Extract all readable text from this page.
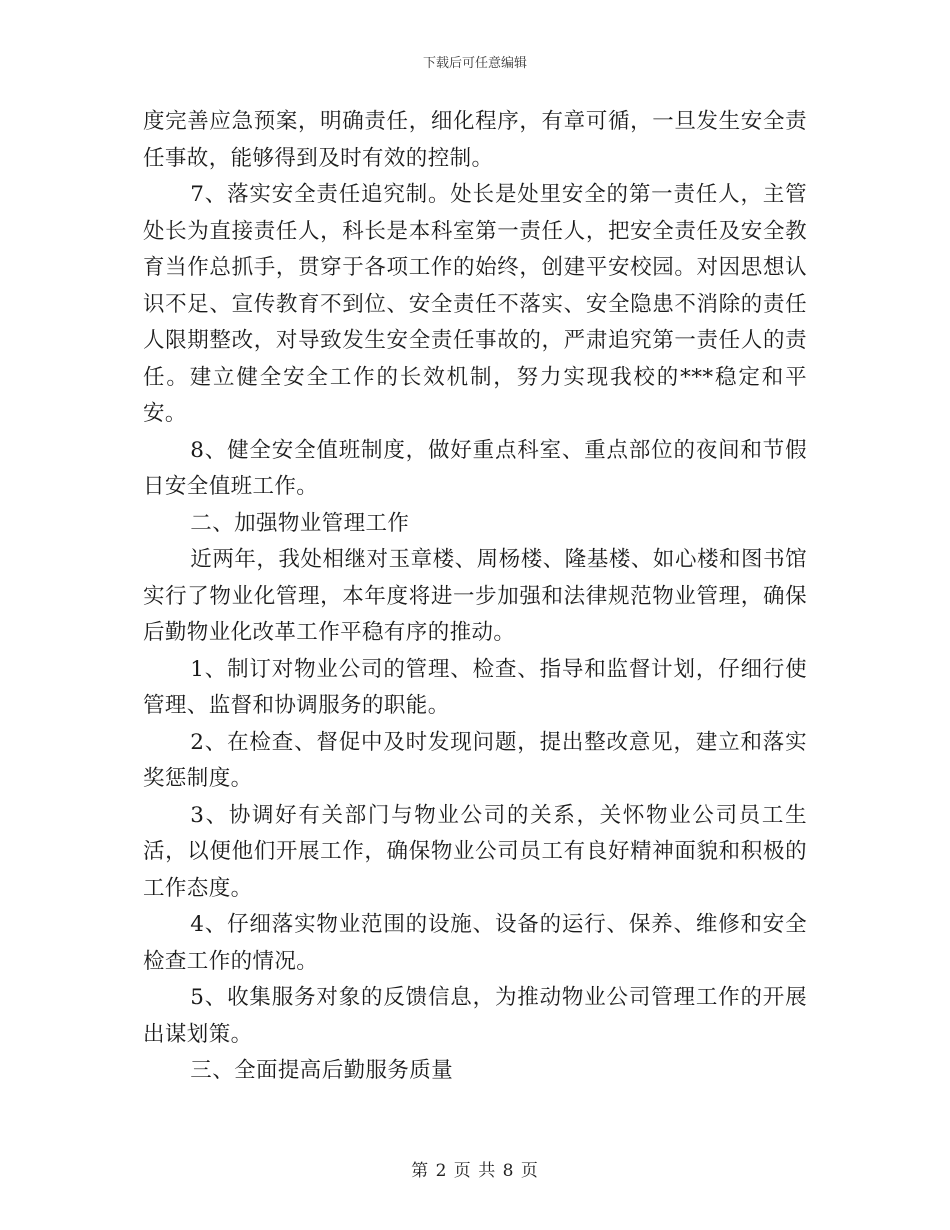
下载后可任意编辑

度完善应急预案，明确责任，细化程序，有章可循，一旦发生安全责任事故，能够得到及时有效的控制。

7、落实安全责任追究制。处长是处里安全的第一责任人，主管处长为直接责任人，科长是本科室第一责任人，把安全责任及安全教育当作总抓手，贯穿于各项工作的始终，创建平安校园。对因思想认识不足、宣传教育不到位、安全责任不落实、安全隐患不消除的责任人限期整改，对导致发生安全责任事故的，严肃追究第一责任人的责任。建立健全安全工作的长效机制，努力实现我校的***稳定和平安。

8、健全安全值班制度，做好重点科室、重点部位的夜间和节假日安全值班工作。

二、加强物业管理工作

近两年，我处相继对玉章楼、周杨楼、隆基楼、如心楼和图书馆实行了物业化管理，本年度将进一步加强和法律规范物业管理，确保后勤物业化改革工作平稳有序的推动。

1、制订对物业公司的管理、检查、指导和监督计划，仔细行使管理、监督和协调服务的职能。

2、在检查、督促中及时发现问题，提出整改意见，建立和落实奖惩制度。

3、协调好有关部门与物业公司的关系，关怀物业公司员工生活，以便他们开展工作，确保物业公司员工有良好精神面貌和积极的工作态度。

4、仔细落实物业范围的设施、设备的运行、保养、维修和安全检查工作的情况。

5、收集服务对象的反馈信息，为推动物业公司管理工作的开展出谋划策。

三、全面提高后勤服务质量

第 2 页 共 8 页
